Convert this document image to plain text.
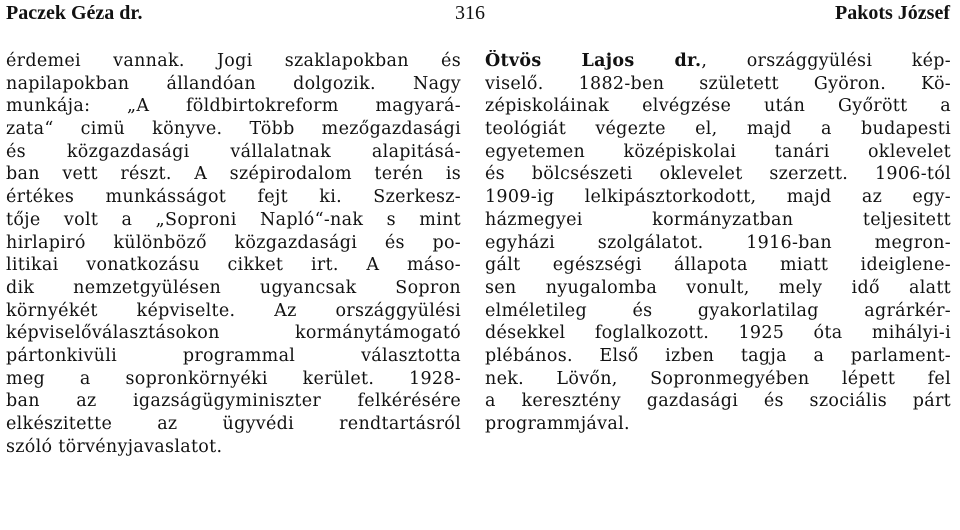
Paczek Géza dr.	316	Pakots József
érdemei vannak. Jogi szaklapokban és
napilapokban állandóan dolgozik. Nagy
munkája: „A földbirtokreform magyará-
zata“ cimü könyve. Több mezőgazdasági
és közgazdasági vállalatnak alapitásá-
ban vett részt. A szépirodalom terén is
értékes munkásságot fejt ki. Szerkesz-
tője volt a „Soproni Napló“-nak s mint
hirlapiró különböző közgazdasági és po-
litikai vonatkozásu cikket irt. A máso-
dik nemzetgyülésen ugyancsak Sopron
környékét képviselte. Az országgyülési
képviselőválasztásokon kormánytámogató
pártonkivüli programmal választotta
meg a sopronkörnyéki kerület. 1928-
ban az igazságügyminiszter felkérésére
elkészitette az ügyvédi rendtartásról
szóló törvényjavaslatot.
Ötvös Lajos dr., országgyülési kép-
viselő. 1882-ben született Györon. Kö-
zépiskoláinak elvégzése után Győrött a
teológiát végezte el, majd a budapesti
egyetemen középiskolai tanári oklevelet
és bölcsészeti oklevelet szerzett. 1906-tól
1909-ig lelkipásztorkodott, majd az egy-
házmegyei kormányzatban teljesitett
egyházi szolgálatot. 1916-ban megron-
gált egészségi állapota miatt ideiglene-
sen nyugalomba vonult, mely idő alatt
elméletileg és gyakorlatilag agrárkér-
désekkel foglalkozott. 1925 óta mihályi-i
plébános. Első izben tagja a parlament-
nek. Lövőn, Sopronmegyében lépett fel
a keresztény gazdasági és szociális párt
programmjával.
